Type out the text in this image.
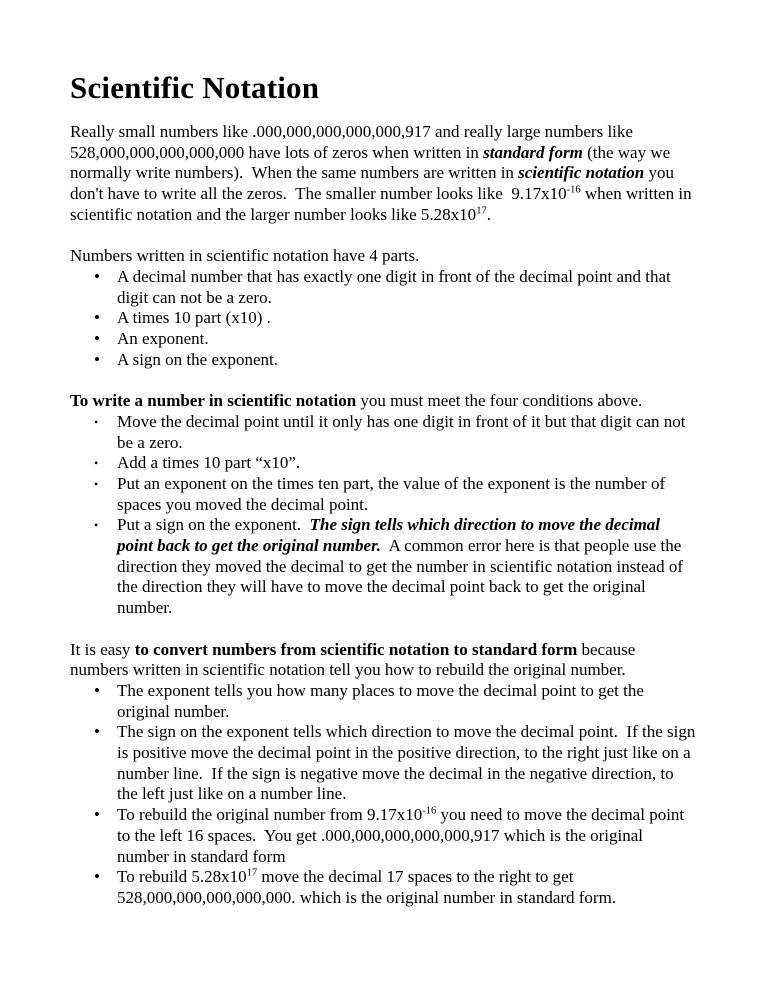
Scientific Notation

Really small numbers like .000,000,000,000,000,917 and really large numbers like 528,000,000,000,000,000 have lots of zeros when written in standard form (the way we normally write numbers).  When the same numbers are written in scientific notation you don't have to write all the zeros.  The smaller number looks like  $9.17x10^{-16}$ when written in scientific notation and the larger number looks like $5.28x10^{17}$.

Numbers written in scientific notation have 4 parts.

•	A decimal number that has exactly one digit in front of the decimal point and that digit can not be a zero.
•	A times 10 part (x10) .
•	An exponent.
•	A sign on the exponent.

To write a number in scientific notation you must meet the four conditions above.

•	Move the decimal point until it only has one digit in front of it but that digit can not be a zero.
•	Add a times 10 part “x10”.
•	Put an exponent on the times ten part, the value of the exponent is the number of spaces you moved the decimal point.
•	Put a sign on the exponent.  The sign tells which direction to move the decimal point back to get the original number.  A common error here is that people use the direction they moved the decimal to get the number in scientific notation instead of the direction they will have to move the decimal point back to get the original number.

It is easy to convert numbers from scientific notation to standard form because numbers written in scientific notation tell you how to rebuild the original number.

•	The exponent tells you how many places to move the decimal point to get the original number.
•	The sign on the exponent tells which direction to move the decimal point.  If the sign is positive move the decimal point in the positive direction, to the right just like on a number line.  If the sign is negative move the decimal in the negative direction, to the left just like on a number line.
•	To rebuild the original number from $9.17x10^{-16}$ you need to move the decimal point to the left 16 spaces.  You get .000,000,000,000,000,917 which is the original number in standard form
•	To rebuild $5.28x10^{17}$ move the decimal 17 spaces to the right to get 528,000,000,000,000,000. which is the original number in standard form.
